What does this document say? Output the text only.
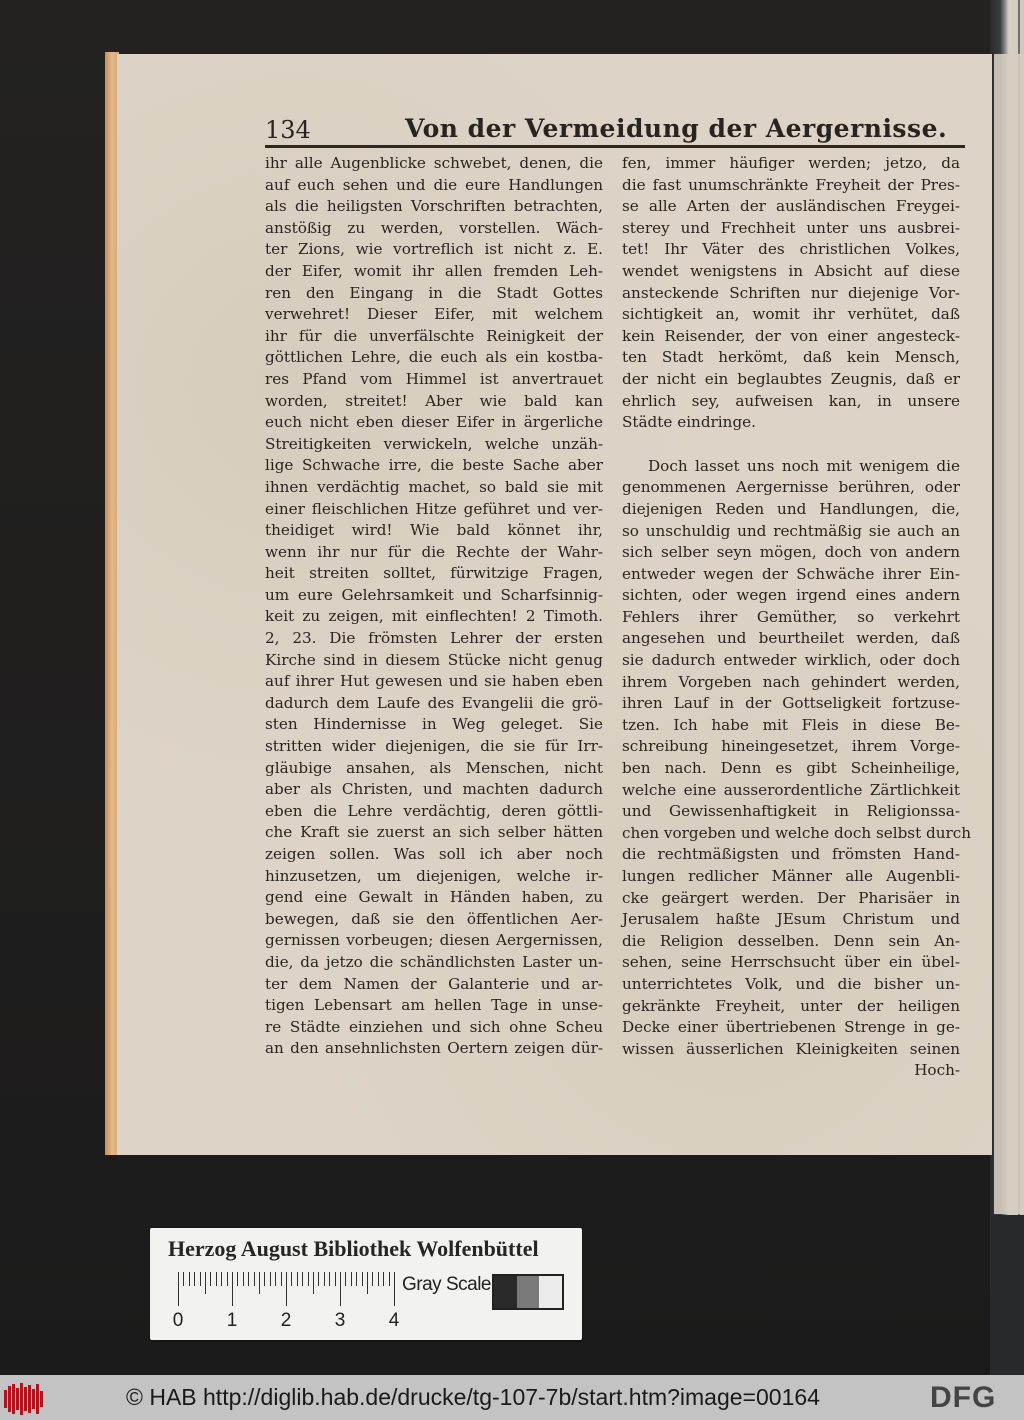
134	Von der Vermeidung der Aergernisse.
ihr alle Augenblicke schwebet, denen, die
auf euch sehen und die eure Handlungen
als die heiligsten Vorschriften betrachten,
anstößig zu werden, vorstellen. Wäch-
ter Zions, wie vortreflich ist nicht z. E.
der Eifer, womit ihr allen fremden Leh-
ren den Eingang in die Stadt Gottes
verwehret! Dieser Eifer, mit welchem
ihr für die unverfälschte Reinigkeit der
göttlichen Lehre, die euch als ein kostba-
res Pfand vom Himmel ist anvertrauet
worden, streitet! Aber wie bald kan
euch nicht eben dieser Eifer in ärgerliche
Streitigkeiten verwickeln, welche unzäh-
lige Schwache irre, die beste Sache aber
ihnen verdächtig machet, so bald sie mit
einer fleischlichen Hitze geführet und ver-
theidiget wird! Wie bald könnet ihr,
wenn ihr nur für die Rechte der Wahr-
heit streiten solltet, fürwitzige Fragen,
um eure Gelehrsamkeit und Scharfsinnig-
keit zu zeigen, mit einflechten! 2 Timoth.
2, 23. Die frömsten Lehrer der ersten
Kirche sind in diesem Stücke nicht genug
auf ihrer Hut gewesen und sie haben eben
dadurch dem Laufe des Evangelii die grö-
sten Hindernisse in Weg geleget. Sie
stritten wider diejenigen, die sie für Irr-
gläubige ansahen, als Menschen, nicht
aber als Christen, und machten dadurch
eben die Lehre verdächtig, deren göttli-
che Kraft sie zuerst an sich selber hätten
zeigen sollen. Was soll ich aber noch
hinzusetzen, um diejenigen, welche ir-
gend eine Gewalt in Händen haben, zu
bewegen, daß sie den öffentlichen Aer-
gernissen vorbeugen; diesen Aergernissen,
die, da jetzo die schändlichsten Laster un-
ter dem Namen der Galanterie und ar-
tigen Lebensart am hellen Tage in unse-
re Städte einziehen und sich ohne Scheu
an den ansehnlichsten Oertern zeigen dür-
fen, immer häufiger werden; jetzo, da
die fast unumschränkte Freyheit der Pres-
se alle Arten der ausländischen Freygei-
sterey und Frechheit unter uns ausbrei-
tet! Ihr Väter des christlichen Volkes,
wendet wenigstens in Absicht auf diese
ansteckende Schriften nur diejenige Vor-
sichtigkeit an, womit ihr verhütet, daß
kein Reisender, der von einer angesteck-
ten Stadt herkömt, daß kein Mensch,
der nicht ein beglaubtes Zeugnis, daß er
ehrlich sey, aufweisen kan, in unsere
Städte eindringe.
Doch lasset uns noch mit wenigem die
genommenen Aergernisse berühren, oder
diejenigen Reden und Handlungen, die,
so unschuldig und rechtmäßig sie auch an
sich selber seyn mögen, doch von andern
entweder wegen der Schwäche ihrer Ein-
sichten, oder wegen irgend eines andern
Fehlers ihrer Gemüther, so verkehrt
angesehen und beurtheilet werden, daß
sie dadurch entweder wirklich, oder doch
ihrem Vorgeben nach gehindert werden,
ihren Lauf in der Gottseligkeit fortzuse-
tzen. Ich habe mit Fleis in diese Be-
schreibung hineingesetzet, ihrem Vorge-
ben nach. Denn es gibt Scheinheilige,
welche eine ausserordentliche Zärtlichkeit
und Gewissenhaftigkeit in Religionssa-
chen vorgeben und welche doch selbst durch
die rechtmäßigsten und frömsten Hand-
lungen redlicher Männer alle Augenbli-
cke geärgert werden. Der Pharisäer in
Jerusalem haßte JEsum Christum und
die Religion desselben. Denn sein An-
sehen, seine Herrschsucht über ein übel-
unterrichtetes Volk, und die bisher un-
gekränkte Freyheit, unter der heiligen
Decke einer übertriebenen Strenge in ge-
wissen äusserlichen Kleinigkeiten seinen
Hoch-
Herzog August Bibliothek Wolfenbüttel
0 1 2 3 4
Gray Scale
© HAB http://diglib.hab.de/drucke/tg-107-7b/start.htm?image=00164	DFG
